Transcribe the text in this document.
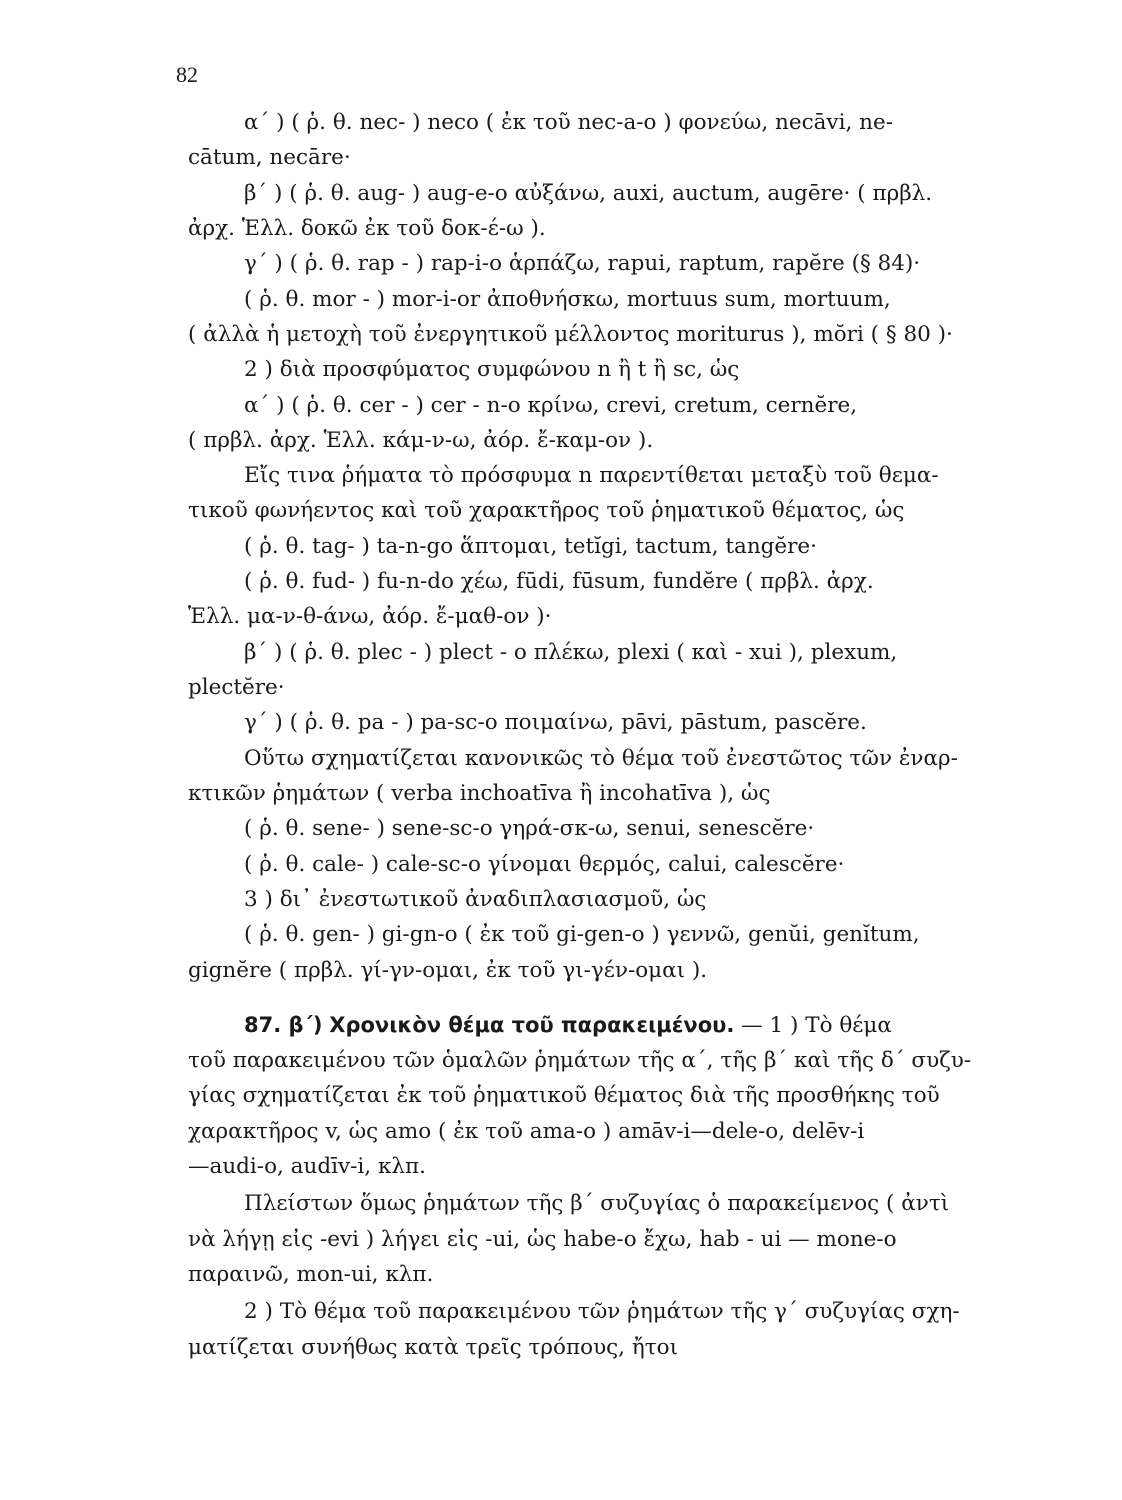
82

α΄ ) ( ῥ. θ. nec- ) neco ( ἐκ τοῦ nec-a-o ) φονεύω, necāvi, ne-

cātum, necāre·

β΄ ) ( ῥ. θ. aug- ) aug-e-o αὐξάνω, auxi, auctum, augēre· ( πρβλ.

ἀρχ. Ἑλλ. δοκῶ ἐκ τοῦ δοκ-έ-ω ).

γ΄ ) ( ῥ. θ. rap - ) rap-i-o ἁρπάζω, rapui, raptum, rapĕre (§ 84)·

( ῥ. θ. mor - ) mor-i-or ἀποθνήσκω, mortuus sum, mortuum,

( ἀλλὰ ἡ μετοχὴ τοῦ ἐνεργητικοῦ μέλλοντος moriturus ), mŏri ( § 80 )·

2 ) διὰ προσφύματος συμφώνου n ἢ t ἢ sc, ὡς

α΄ ) ( ῥ. θ. cer - ) cer - n-o κρίνω, crevi, cretum, cernĕre,

( πρβλ. ἀρχ. Ἑλλ. κάμ-ν-ω, ἀόρ. ἔ-καμ-ον ).

Εἴς τινα ῥήματα τὸ πρόσφυμα n παρεντίθεται μεταξὺ τοῦ θεμα-

τικοῦ φωνήεντος καὶ τοῦ χαρακτῆρος τοῦ ῥηματικοῦ θέματος, ὡς

( ῥ. θ. tag- ) ta-n-go ἅπτομαι, tetĭgi, tactum, tangĕre·

( ῥ. θ. fud- ) fu-n-do χέω, fūdi, fūsum, fundĕre ( πρβλ. ἀρχ.

Ἑλλ. μα-ν-θ-άνω, ἀόρ. ἔ-μαθ-ον )·

β΄ ) ( ῥ. θ. plec - ) plect - o πλέκω, plexi ( καὶ - xui ), plexum,

plectĕre·

γ΄ ) ( ῥ. θ. pa - ) pa-sc-o ποιμαίνω, pāvi, pāstum, pascĕre.

Οὕτω σχηματίζεται κανονικῶς τὸ θέμα τοῦ ἐνεστῶτος τῶν ἐναρ-

κτικῶν ῥημάτων ( verba inchoatīva ἢ incohatīva ), ὡς

( ῥ. θ. sene- ) sene-sc-o γηρά-σκ-ω, senui, senescĕre·

( ῥ. θ. cale- ) cale-sc-o γίνομαι θερμός, calui, calescĕre·

3 ) δι᾿ ἐνεστωτικοῦ ἀναδιπλασιασμοῦ, ὡς

( ῥ. θ. gen- ) gi-gn-o ( ἐκ τοῦ gi-gen-o ) γεννῶ, genŭi, genĭtum,

gignĕre ( πρβλ. γί-γν-ομαι, ἐκ τοῦ γι-γέν-ομαι ).

87. β΄) Χρονικὸν θέμα τοῦ παρακειμένου. — 1 ) Τὸ θέμα

τοῦ παρακειμένου τῶν ὁμαλῶν ῥημάτων τῆς α΄, τῆς β΄ καὶ τῆς δ΄ συζυ-

γίας σχηματίζεται ἐκ τοῦ ῥηματικοῦ θέματος διὰ τῆς προσθήκης τοῦ

χαρακτῆρος v, ὡς amo ( ἐκ τοῦ ama-o ) amāv-i—dele-o, delēv-i

—audi-o, audīv-i, κλπ.

Πλείστων ὅμως ῥημάτων τῆς β΄ συζυγίας ὁ παρακείμενος ( ἀντὶ

νὰ λήγῃ εἰς -evi ) λήγει εἰς -ui, ὡς habe-o ἔχω, hab - ui — mone-o

παραινῶ, mon-ui, κλπ.

2 ) Τὸ θέμα τοῦ παρακειμένου τῶν ῥημάτων τῆς γ΄ συζυγίας σχη-

ματίζεται συνήθως κατὰ τρεῖς τρόπους, ἤτοι
